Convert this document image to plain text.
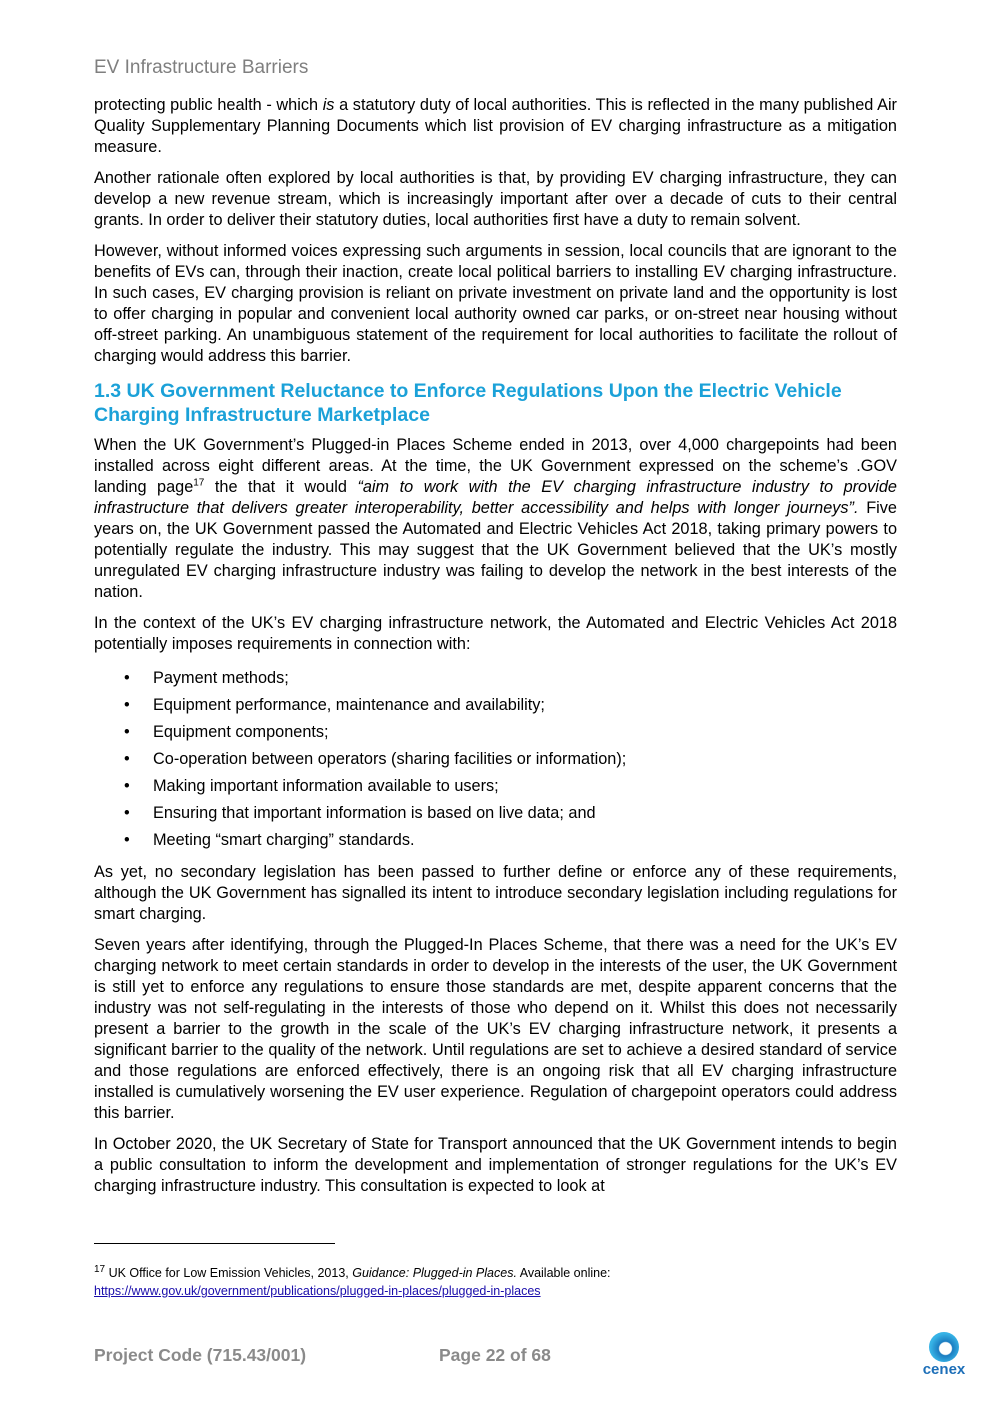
EV Infrastructure Barriers

protecting public health - which is a statutory duty of local authorities. This is reflected in the many published Air Quality Supplementary Planning Documents which list provision of EV charging infrastructure as a mitigation measure.

Another rationale often explored by local authorities is that, by providing EV charging infrastructure, they can develop a new revenue stream, which is increasingly important after over a decade of cuts to their central grants. In order to deliver their statutory duties, local authorities first have a duty to remain solvent.

However, without informed voices expressing such arguments in session, local councils that are ignorant to the benefits of EVs can, through their inaction, create local political barriers to installing EV charging infrastructure. In such cases, EV charging provision is reliant on private investment on private land and the opportunity is lost to offer charging in popular and convenient local authority owned car parks, or on-street near housing without off-street parking. An unambiguous statement of the requirement for local authorities to facilitate the rollout of charging would address this barrier.

1.3 UK Government Reluctance to Enforce Regulations Upon the Electric Vehicle Charging Infrastructure Marketplace

When the UK Government’s Plugged-in Places Scheme ended in 2013, over 4,000 chargepoints had been installed across eight different areas. At the time, the UK Government expressed on the scheme’s .GOV landing page$^{17}$ the that it would “aim to work with the EV charging infrastructure industry to provide infrastructure that delivers greater interoperability, better accessibility and helps with longer journeys”. Five years on, the UK Government passed the Automated and Electric Vehicles Act 2018, taking primary powers to potentially regulate the industry. This may suggest that the UK Government believed that the UK’s mostly unregulated EV charging infrastructure industry was failing to develop the network in the best interests of the nation.

In the context of the UK’s EV charging infrastructure network, the Automated and Electric Vehicles Act 2018 potentially imposes requirements in connection with:

• Payment methods;
• Equipment performance, maintenance and availability;
• Equipment components;
• Co-operation between operators (sharing facilities or information);
• Making important information available to users;
• Ensuring that important information is based on live data; and
• Meeting “smart charging” standards.

As yet, no secondary legislation has been passed to further define or enforce any of these requirements, although the UK Government has signalled its intent to introduce secondary legislation including regulations for smart charging.

Seven years after identifying, through the Plugged-In Places Scheme, that there was a need for the UK’s EV charging network to meet certain standards in order to develop in the interests of the user, the UK Government is still yet to enforce any regulations to ensure those standards are met, despite apparent concerns that the industry was not self-regulating in the interests of those who depend on it. Whilst this does not necessarily present a barrier to the growth in the scale of the UK’s EV charging infrastructure network, it presents a significant barrier to the quality of the network. Until regulations are set to achieve a desired standard of service and those regulations are enforced effectively, there is an ongoing risk that all EV charging infrastructure installed is cumulatively worsening the EV user experience. Regulation of chargepoint operators could address this barrier.

In October 2020, the UK Secretary of State for Transport announced that the UK Government intends to begin a public consultation to inform the development and implementation of stronger regulations for the UK’s EV charging infrastructure industry. This consultation is expected to look at

$^{17}$ UK Office for Low Emission Vehicles, 2013, Guidance: Plugged-in Places. Available online:
https://www.gov.uk/government/publications/plugged-in-places/plugged-in-places
Project Code (715.43/001)	Page 22 of 68
cenex
